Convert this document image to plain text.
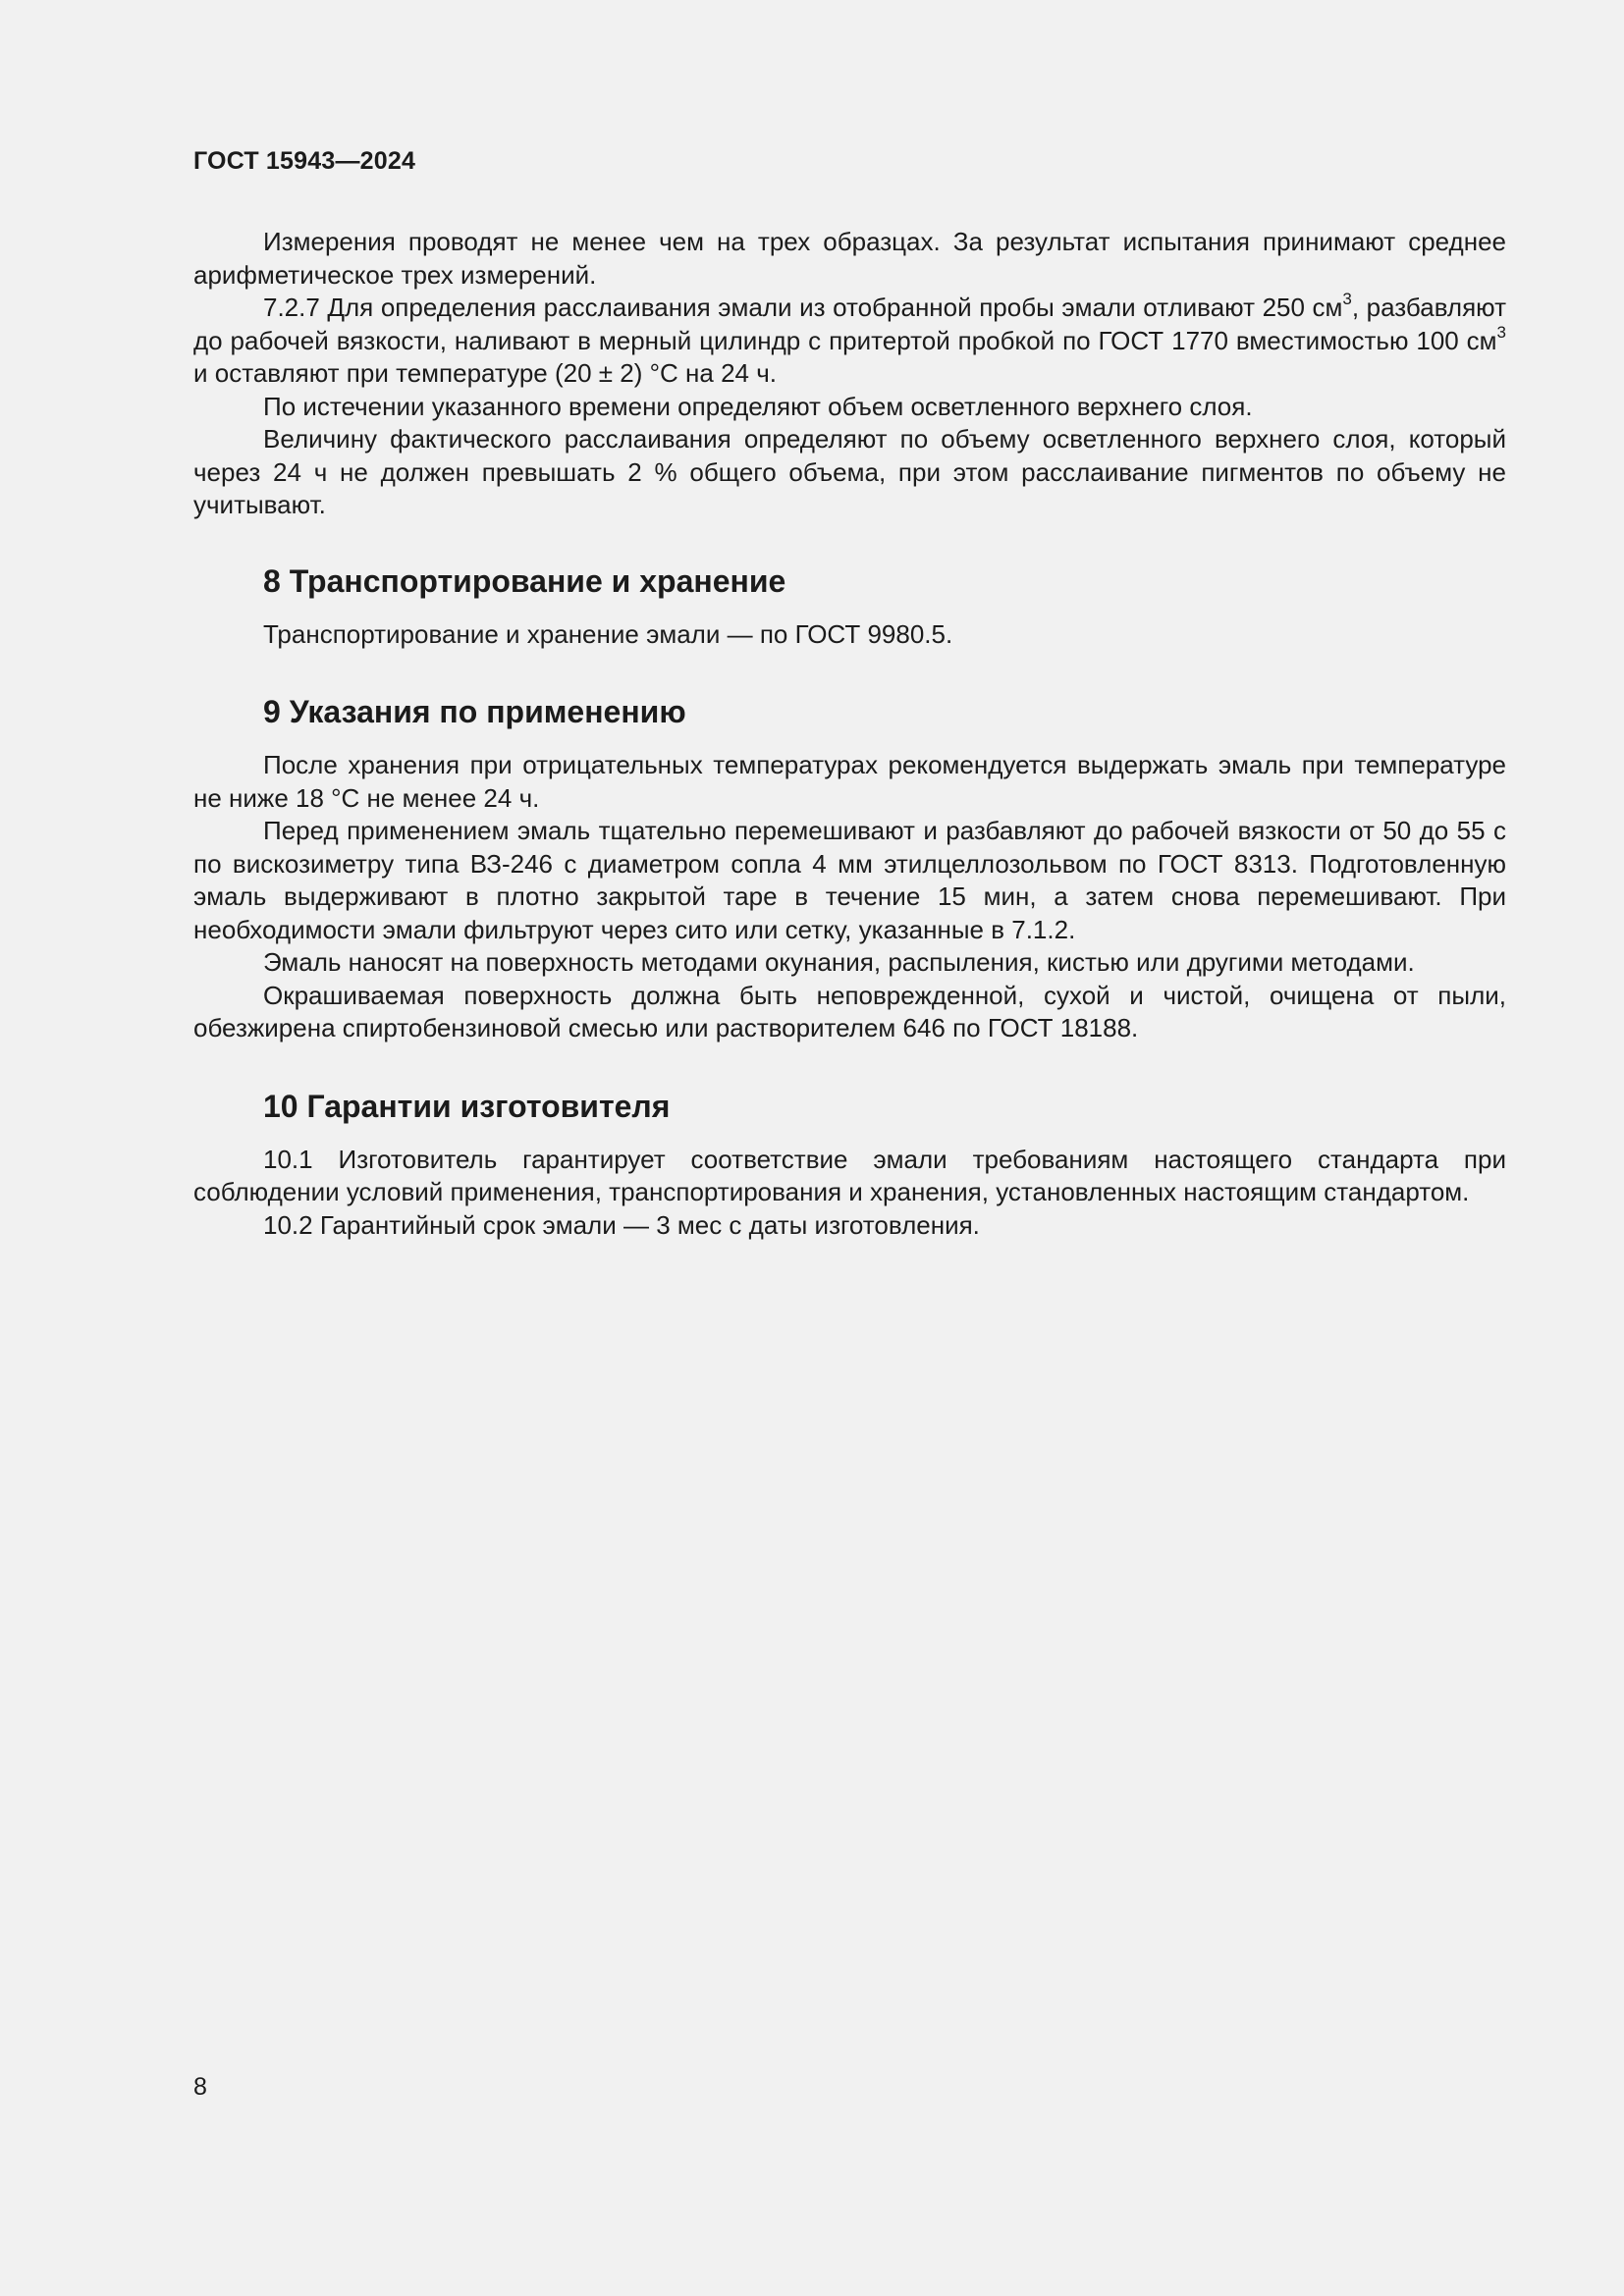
ГОСТ 15943—2024

Измерения проводят не менее чем на трех образцах. За результат испытания принимают среднее арифметическое трех измерений.

7.2.7 Для определения расслаивания эмали из отобранной пробы эмали отливают 250 $см^3$, разбавляют до рабочей вязкости, наливают в мерный цилиндр с притертой пробкой по ГОСТ 1770 вместимостью 100 $см^3$ и оставляют при температуре (20 ± 2) °C на 24 ч.

По истечении указанного времени определяют объем осветленного верхнего слоя.

Величину фактического расслаивания определяют по объему осветленного верхнего слоя, который через 24 ч не должен превышать 2 % общего объема, при этом расслаивание пигментов по объему не учитывают.

8 Транспортирование и хранение

Транспортирование и хранение эмали — по ГОСТ 9980.5.

9 Указания по применению

После хранения при отрицательных температурах рекомендуется выдержать эмаль при температуре не ниже 18 °C не менее 24 ч.

Перед применением эмаль тщательно перемешивают и разбавляют до рабочей вязкости от 50 до 55 с по вискозиметру типа ВЗ-246 с диаметром сопла 4 мм этилцеллозольвом по ГОСТ 8313. Подготовленную эмаль выдерживают в плотно закрытой таре в течение 15 мин, а затем снова перемешивают. При необходимости эмали фильтруют через сито или сетку, указанные в 7.1.2.

Эмаль наносят на поверхность методами окунания, распыления, кистью или другими методами.

Окрашиваемая поверхность должна быть неповрежденной, сухой и чистой, очищена от пыли, обезжирена спиртобензиновой смесью или растворителем 646 по ГОСТ 18188.

10 Гарантии изготовителя

10.1 Изготовитель гарантирует соответствие эмали требованиям настоящего стандарта при соблюдении условий применения, транспортирования и хранения, установленных настоящим стандартом.

10.2 Гарантийный срок эмали — 3 мес с даты изготовления.

8
